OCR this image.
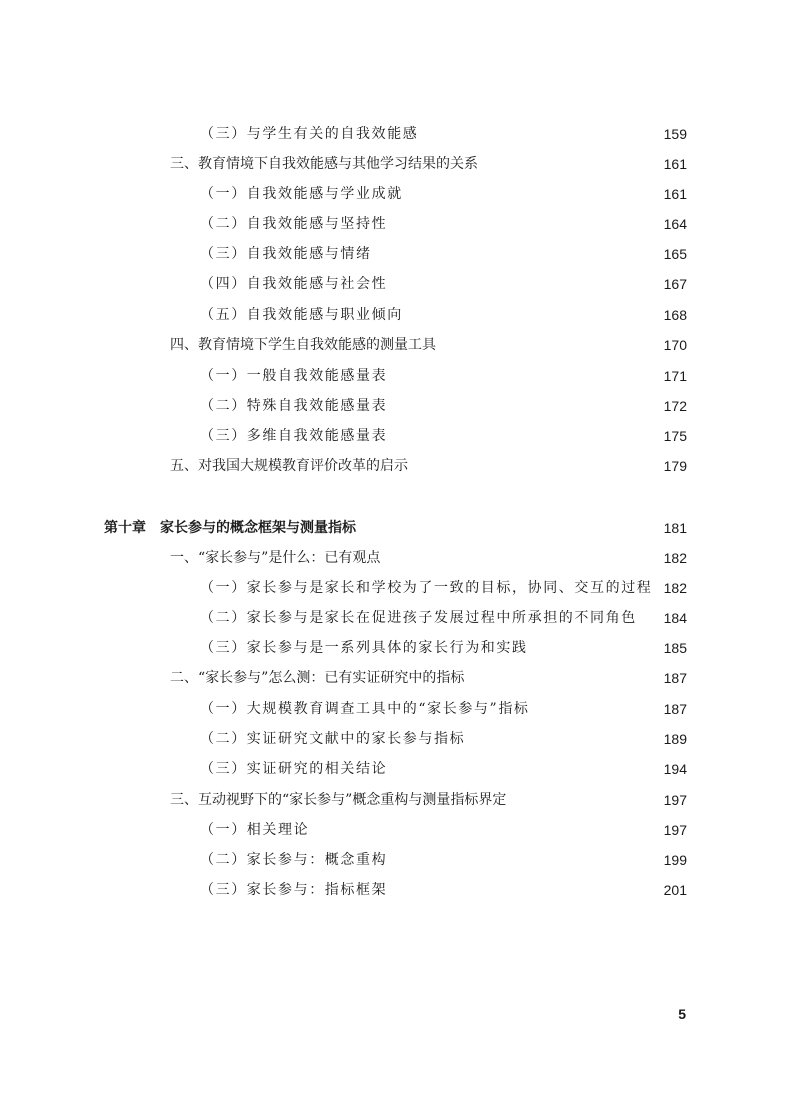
（三）与学生有关的自我效能感	159
三、教育情境下自我效能感与其他学习结果的关系	161
（一）自我效能感与学业成就	161
（二）自我效能感与坚持性	164
（三）自我效能感与情绪	165
（四）自我效能感与社会性	167
（五）自我效能感与职业倾向	168
四、教育情境下学生自我效能感的测量工具	170
（一）一般自我效能感量表	171
（二）特殊自我效能感量表	172
（三）多维自我效能感量表	175
五、对我国大规模教育评价改革的启示	179
第十章 家长参与的概念框架与测量指标	181
一、“家长参与”是什么：已有观点	182
（一）家长参与是家长和学校为了一致的目标，协同、交互的过程 182
（二）家长参与是家长在促进孩子发展过程中所承担的不同角色 184
（三）家长参与是一系列具体的家长行为和实践	185
二、“家长参与”怎么测：已有实证研究中的指标	187
（一）大规模教育调查工具中的“家长参与”指标	187
（二）实证研究文献中的家长参与指标	189
（三）实证研究的相关结论	194
三、互动视野下的“家长参与”概念重构与测量指标界定	197
（一）相关理论	197
（二）家长参与：概念重构	199
（三）家长参与：指标框架	201
5
